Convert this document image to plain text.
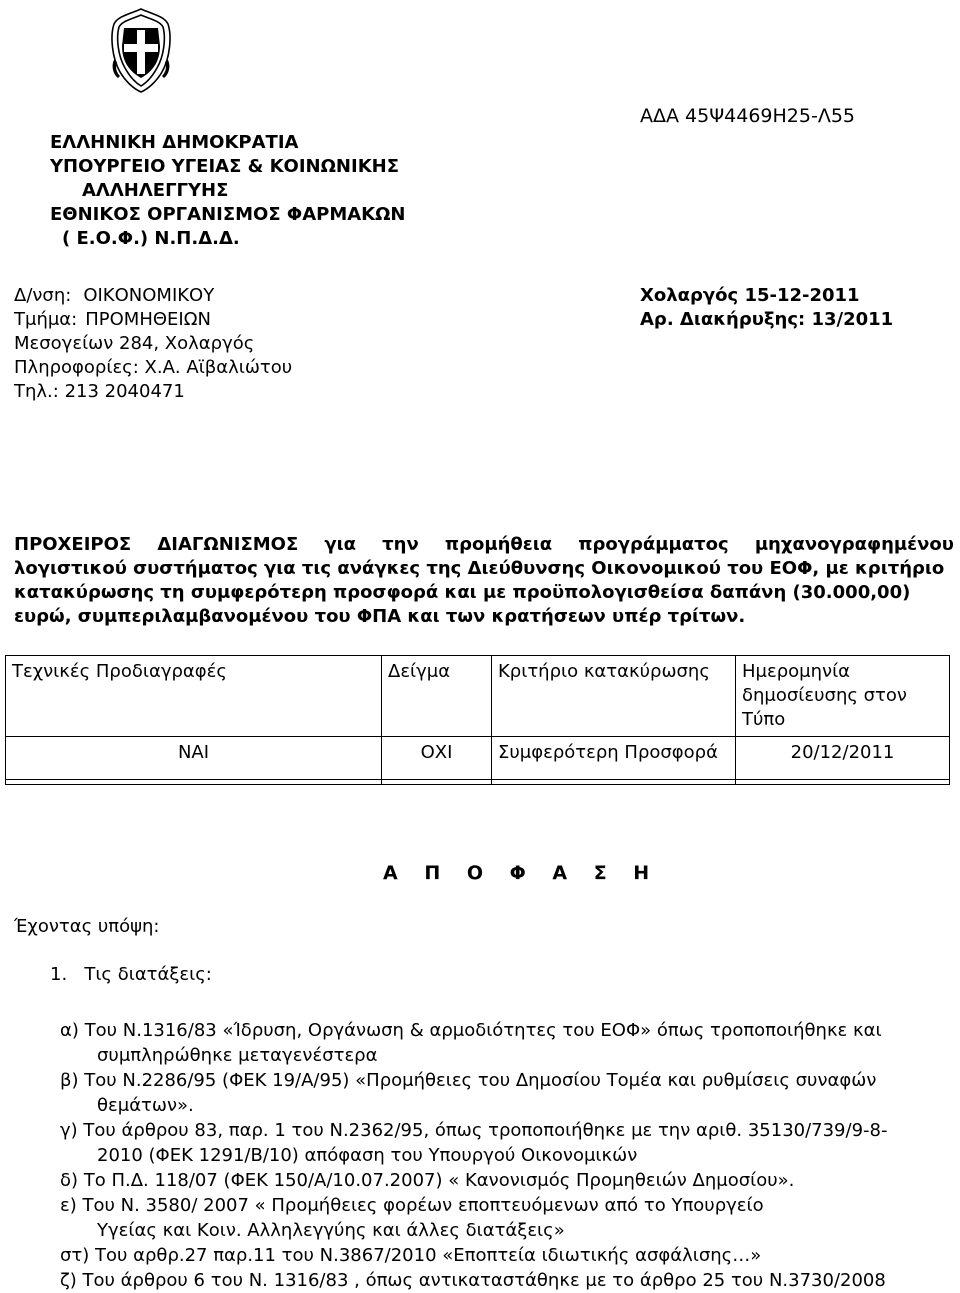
ΑΔΑ 45Ψ4469Η25-Λ55
ΕΛΛΗΝΙΚΗ ΔΗΜΟΚΡΑΤΙΑ
ΥΠΟΥΡΓΕΙΟ ΥΓΕΙΑΣ & ΚΟΙΝΩΝΙΚΗΣ
ΑΛΛΗΛΕΓΓΥΗΣ
ΕΘΝΙΚΟΣ ΟΡΓΑΝΙΣΜΟΣ ΦΑΡΜΑΚΩΝ
( Ε.Ο.Φ.) Ν.Π.Δ.Δ.
Δ/νση: ΟΙΚΟΝΟΜΙΚΟΥ
Τμήμα: ΠΡΟΜΗΘΕΙΩΝ
Μεσογείων 284, Χολαργός
Πληροφορίες: Χ.Α. Αϊβαλιώτου
Τηλ.: 213 2040471
Χολαργός 15-12-2011
Αρ. Διακήρυξης: 13/2011
ΠΡΟΧΕΙΡΟΣ ΔΙΑΓΩΝΙΣΜΟΣ για την προμήθεια προγράμματος μηχανογραφημένου
λογιστικού συστήματος για τις ανάγκες της Διεύθυνσης Οικονομικού του ΕΟΦ, με κριτήριο
κατακύρωσης τη συμφερότερη προσφορά και με προϋπολογισθείσα δαπάνη (30.000,00)
ευρώ, συμπεριλαμβανομένου του ΦΠΑ και των κρατήσεων υπέρ τρίτων.
Τεχνικές Προδιαγραφές	Δείγμα	Κριτήριο κατακύρωσης	Ημερομηνία
δημοσίευσης στον
Τύπο

ΝΑΙ	ΟΧΙ	Συμφερότερη Προσφορά	20/12/2011

Α Π Ο Φ Α Σ Η
Έχοντας υπόψη:
1.   Τις διατάξεις:
α) Του Ν.1316/83 «Ίδρυση, Οργάνωση & αρμοδιότητες του ΕΟΦ» όπως τροποποιήθηκε και
συμπληρώθηκε μεταγενέστερα
β) Του Ν.2286/95 (ΦΕΚ 19/Α/95) «Προμήθειες του Δημοσίου Τομέα και ρυθμίσεις συναφών
θεμάτων».
γ) Του άρθρου 83, παρ. 1 του Ν.2362/95, όπως τροποποιήθηκε με την αριθ. 35130/739/9-8-
2010 (ΦΕΚ 1291/Β/10) απόφαση του Υπουργού Οικονομικών
δ) Το Π.Δ. 118/07 (ΦΕΚ 150/Α/10.07.2007) « Κανονισμός Προμηθειών Δημοσίου».
ε) Του Ν. 3580/ 2007 « Προμήθειες φορέων εποπτευόμενων από το Υπουργείο
Υγείας και Κοιν. Αλληλεγγύης και άλλες διατάξεις»
στ) Του αρθρ.27 παρ.11 του Ν.3867/2010 «Εποπτεία ιδιωτικής ασφάλισης…»
ζ) Του άρθρου 6 του Ν. 1316/83 , όπως αντικαταστάθηκε με το άρθρο 25 του Ν.3730/2008
